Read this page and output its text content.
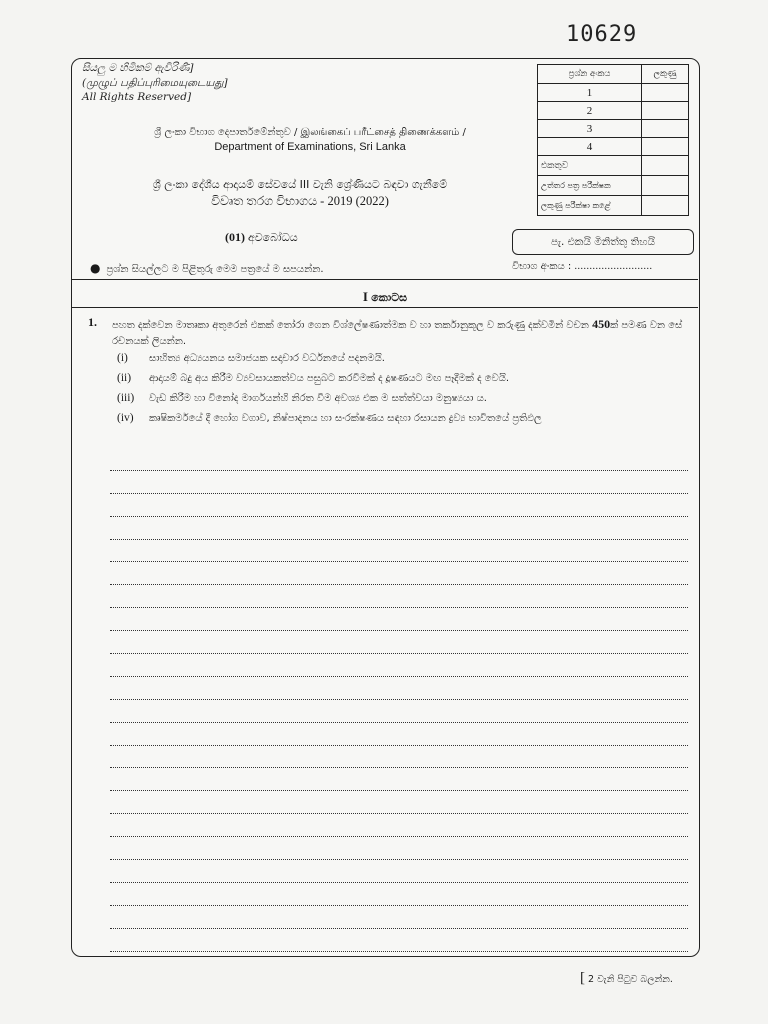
10629
සියලු ම හිමිකම් ඇවිරිණි]
(முழுப் பதிப்புரிமையுடையது]
All Rights Reserved]
ප්‍රශ්න අංකය	ලකුණු
1	
2	
3	
4	
එකතුව	
උත්තර පත්‍ර පරීක්ෂක	
ලකුණු පරීක්ෂා කළේ	
ශ්‍රී ලංකා විභාග දෙපාර්තමේන්තුව / இலங்கைப் பரீட்சைத் திணைக்களம் /
Department of Examinations, Sri Lanka
ශ්‍රී ලංකා දේශීය ආදායම් සේවයේ III වැනි ශ්‍රේණියට බඳවා ගැනීමේ
විවෘත තරග විභාගය - 2019 (2022)
(01) අවබෝධය	පැ. එකයි මිනිත්තු තිහයි
● ප්‍රශ්න සියල්ලට ම පිළිතුරු මෙම පත්‍රයේ ම සපයන්න.	විභාග අංකය : ..........................
I කොටස
1. පහත දක්වෙන මාතෘකා අතුරෙන් එකක් තෝරා ගෙන විශ්ලේෂණාත්මක ව හා තර්කානුකූල ව කරුණු දක්වමින් වචන 450ක් පමණ වන සේ රචනයක් ලියන්න.
(i) සාහිත්‍ය අධ්‍යයනය සමාජයක සදාචාර වර්ධනයේ පදනමයි.
(ii) ආදායම් බදු අය කිරීම ව්‍යවසායකත්වය පසුබට කරවීමක් ද දූෂණයට මඟ පෑදීමක් ද වෙයි.
(iii) වැඩ කිරීම හා විනෝද මාර්ගයන්හි නිරත වීම අවශ්‍ය එක ම සත්ත්වයා මනුෂ්‍යයා ය.
(iv) කෘෂිකර්මයේ දී හෝග වගාව, නිෂ්පාදනය හා සංරක්ෂණය සඳහා රසායන ද්‍රව්‍ය භාවිතයේ ප්‍රතිඵල
[ 2 වැනි පිටුව බලන්න.
